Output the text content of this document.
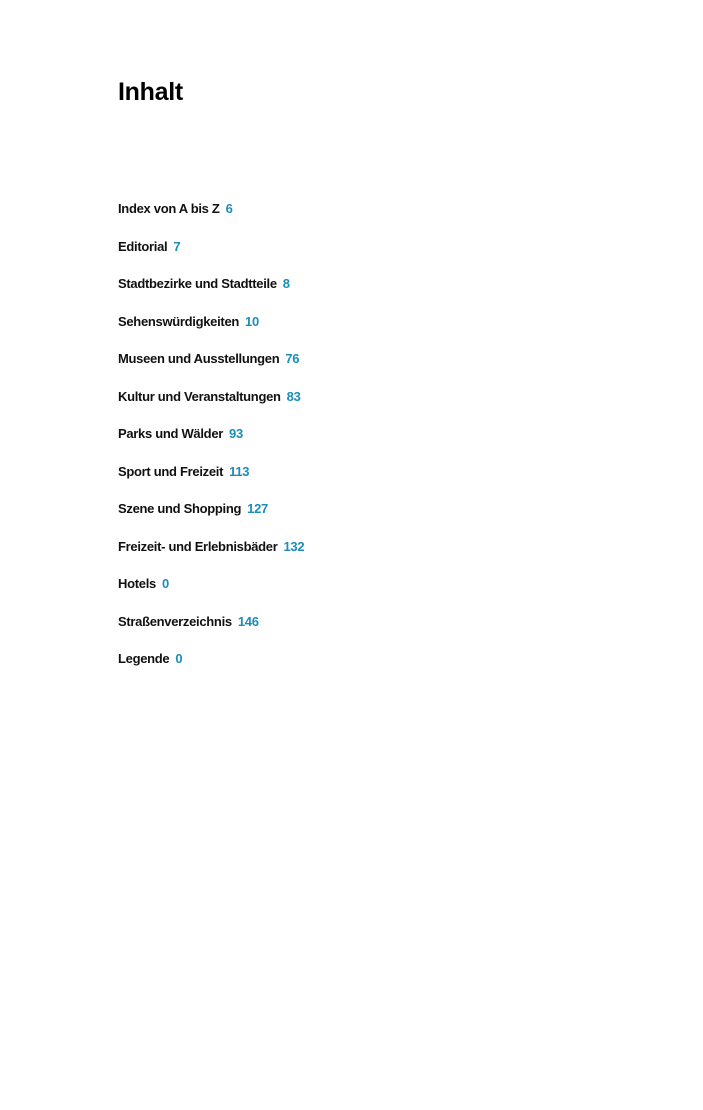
Inhalt
Index von A bis Z 6
Editorial 7
Stadtbezirke und Stadtteile 8
Sehenswürdigkeiten 10
Museen und Ausstellungen 76
Kultur und Veranstaltungen 83
Parks und Wälder 93
Sport und Freizeit 113
Szene und Shopping 127
Freizeit- und Erlebnisbäder 132
Hotels 0
Straßenverzeichnis 146
Legende 0
